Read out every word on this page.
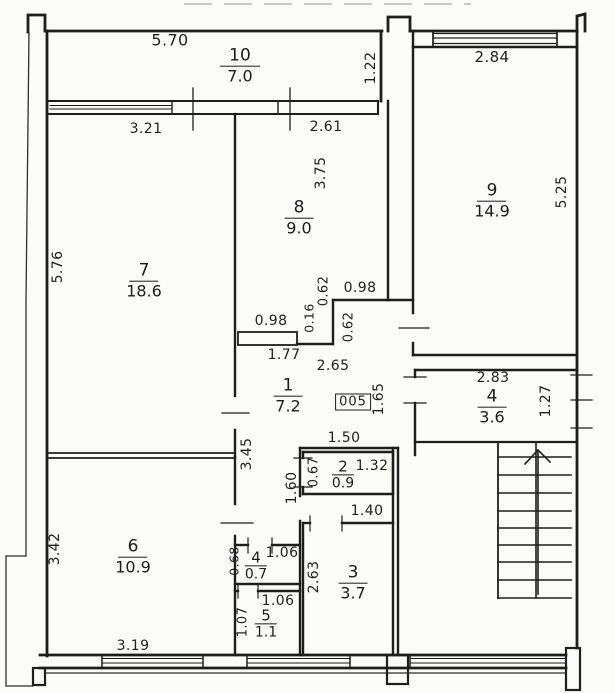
10
7.0
9
14.9
8
9.0
7
18.6
1
7.2	4
3.6
2
0.9
3
3.7
6
10.9
4
0.7
5
1.1
005
5.70
3.21	2.61
2.84
1.22
5.25
5.76
3.75
0.98 0.16
0.62 0.98
0.62
1.77
2.65
1.65
2.83
1.27
1.50
1.32
0.67
1.60
1.40
3.45
3.42	0.68 1.06
1.06
1.07
2.63
3.19
